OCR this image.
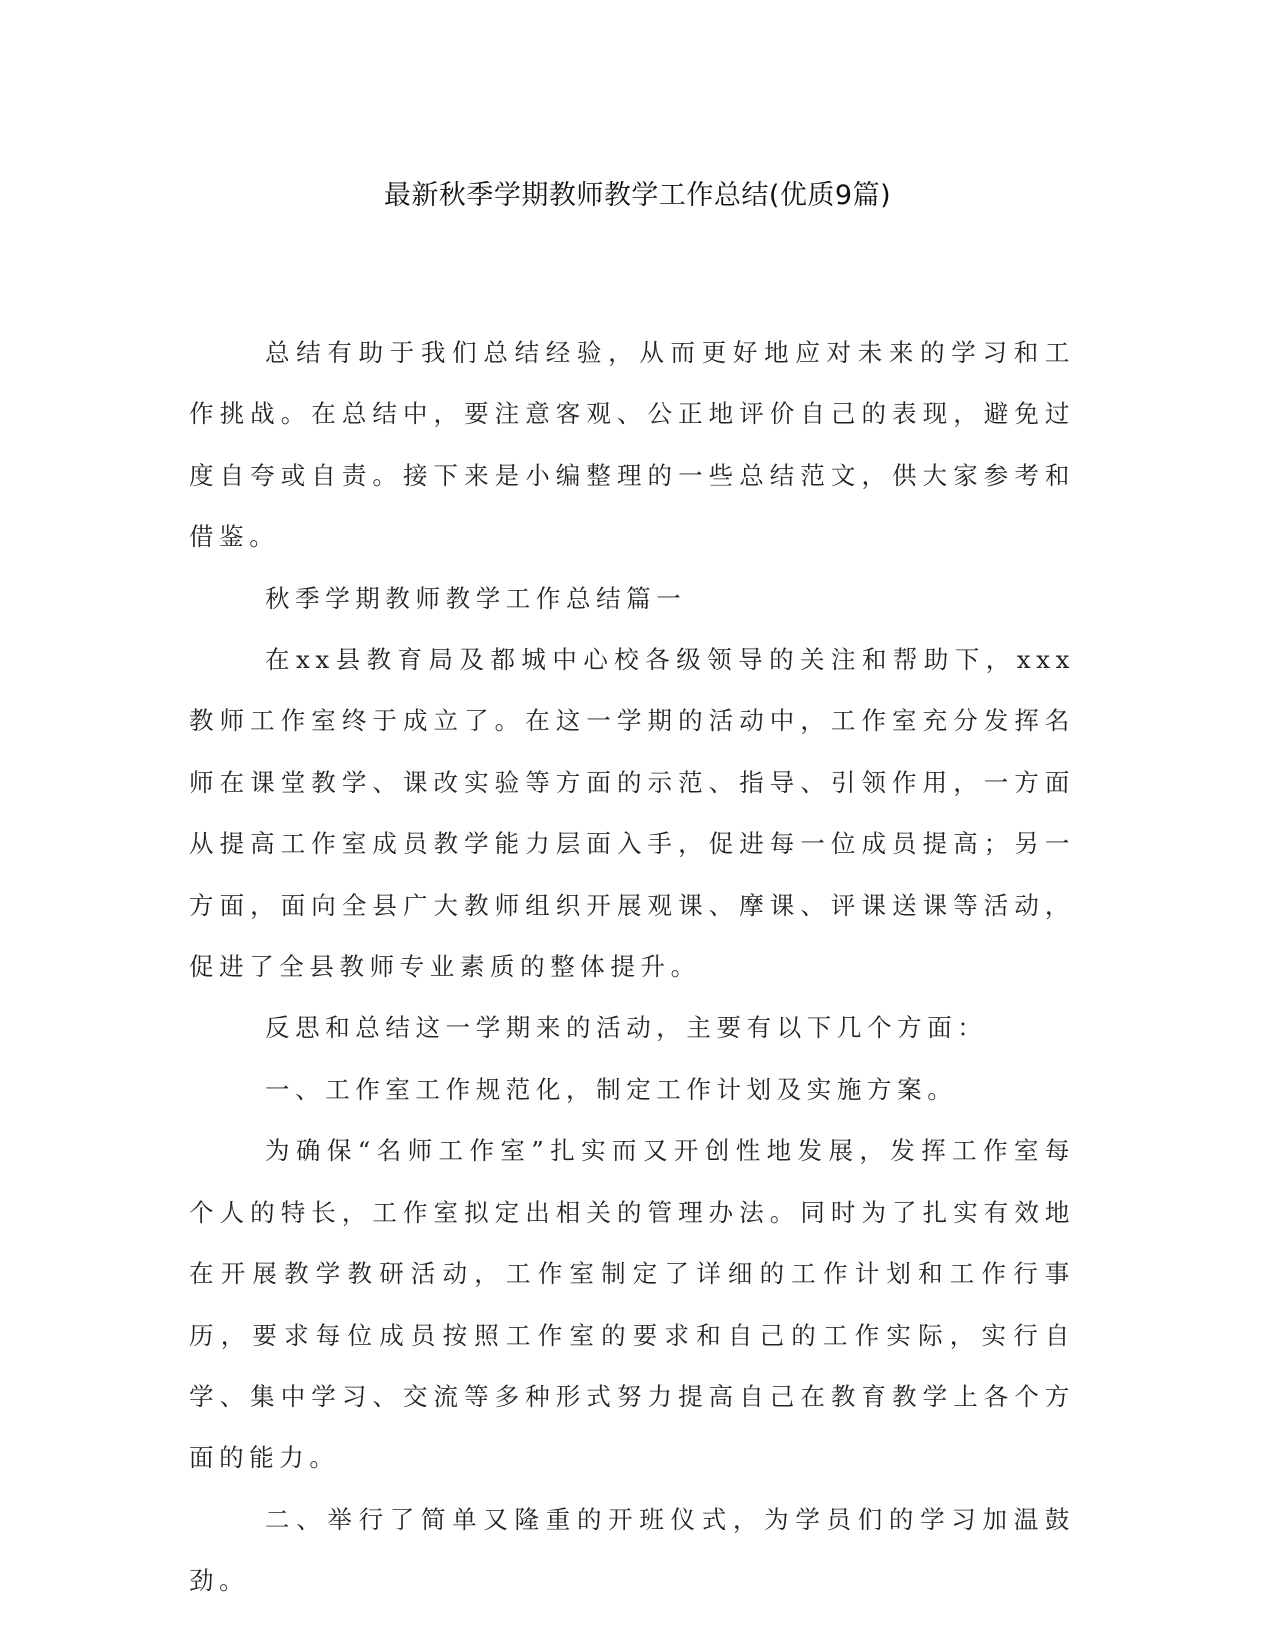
最新秋季学期教师教学工作总结(优质9篇)

总结有助于我们总结经验，从而更好地应对未来的学习和工作挑战。在总结中，要注意客观、公正地评价自己的表现，避免过度自夸或自责。接下来是小编整理的一些总结范文，供大家参考和借鉴。

秋季学期教师教学工作总结篇一

在xx县教育局及都城中心校各级领导的关注和帮助下，xxx教师工作室终于成立了。在这一学期的活动中，工作室充分发挥名师在课堂教学、课改实验等方面的示范、指导、引领作用，一方面从提高工作室成员教学能力层面入手，促进每一位成员提高；另一方面，面向全县广大教师组织开展观课、摩课、评课送课等活动，促进了全县教师专业素质的整体提升。

反思和总结这一学期来的活动，主要有以下几个方面：

一、工作室工作规范化，制定工作计划及实施方案。

为确保“名师工作室”扎实而又开创性地发展，发挥工作室每个人的特长，工作室拟定出相关的管理办法。同时为了扎实有效地在开展教学教研活动，工作室制定了详细的工作计划和工作行事历，要求每位成员按照工作室的要求和自己的工作实际，实行自学、集中学习、交流等多种形式努力提高自己在教育教学上各个方面的能力。

二、举行了简单又隆重的开班仪式，为学员们的学习加温鼓劲。
